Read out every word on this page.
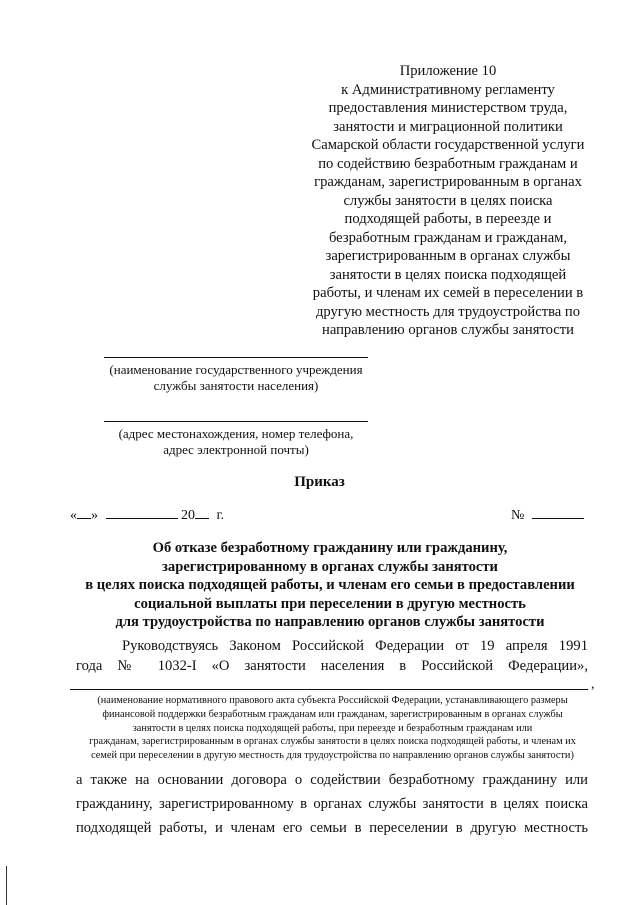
Приложение 10
к Административному регламенту
предоставления министерством труда,
занятости и миграционной политики
Самарской области государственной услуги
по содействию безработным гражданам и
гражданам, зарегистрированным в органах
службы занятости в целях поиска
подходящей работы, в переезде и
безработным гражданам и гражданам,
зарегистрированным в органах службы
занятости в целях поиска подходящей
работы, и членам их семей в переселении в
другую местность для трудоустройства по
направлению органов службы занятости
(наименование государственного учреждения
службы занятости населения)
(адрес местонахождения, номер телефона,
адрес электронной почты)
Приказ
« »	20 г.	№
Об отказе безработному гражданину или гражданину,
зарегистрированному в органах службы занятости
в целях поиска подходящей работы, и членам его семьи в предоставлении
социальной выплаты при переселении в другую местность
для трудоустройства по направлению органов службы занятости
Руководствуясь Законом Российской Федерации от 19 апреля 1991
года № 1032-I «О занятости населения в Российской Федерации»,
,
(наименование нормативного правового акта субъекта Российской Федерации, устанавливающего размеры
финансовой поддержки безработным гражданам или гражданам, зарегистрированным в органах службы
занятости в целях поиска подходящей работы, при переезде и безработным гражданам или
гражданам, зарегистрированным в органах службы занятости в целях поиска подходящей работы, и членам их
семей при переселении в другую местность для трудоустройства по направлению органов службы занятости)
а также на основании договора о содействии безработному гражданину или
гражданину, зарегистрированному в органах службы занятости в целях поиска
подходящей работы, и членам его семьи в переселении в другую местность
